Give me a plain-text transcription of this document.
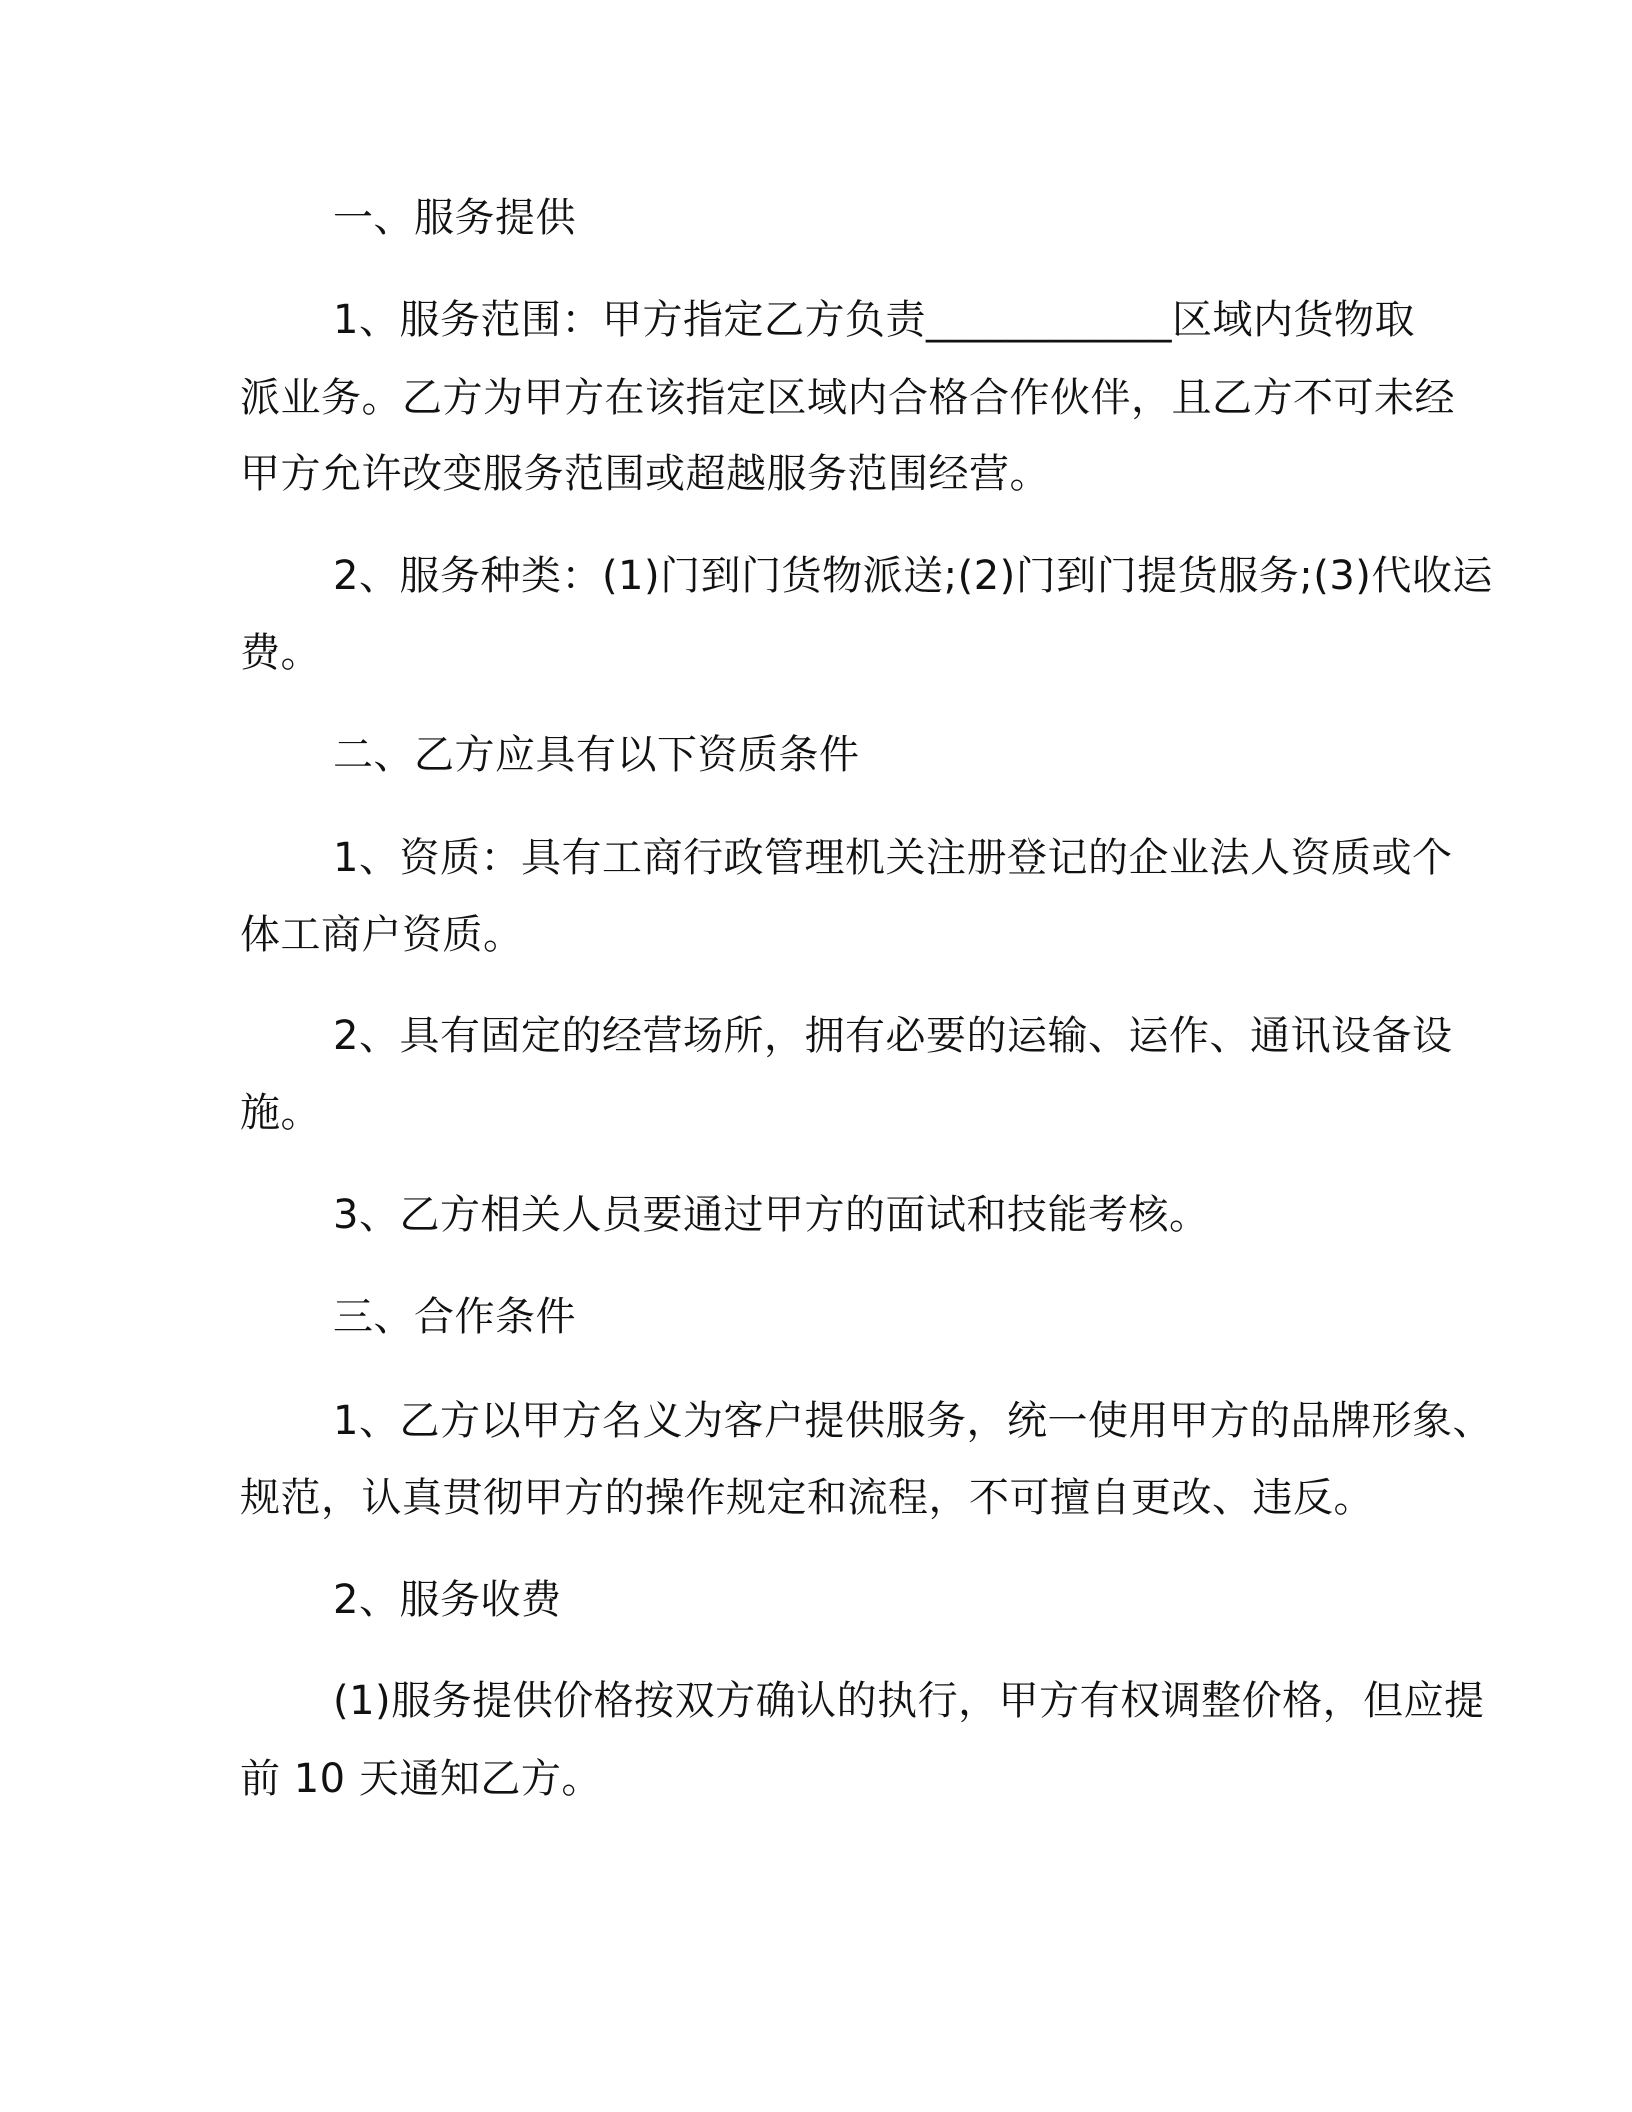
一、服务提供
1、服务范围：甲方指定乙方负责____________区域内货物取
派业务。乙方为甲方在该指定区域内合格合作伙伴，且乙方不可未经
甲方允许改变服务范围或超越服务范围经营。
2、服务种类：(1)门到门货物派送;(2)门到门提货服务;(3)代收运
费。
二、乙方应具有以下资质条件
1、资质：具有工商行政管理机关注册登记的企业法人资质或个
体工商户资质。
2、具有固定的经营场所，拥有必要的运输、运作、通讯设备设
施。
3、乙方相关人员要通过甲方的面试和技能考核。
三、合作条件
1、乙方以甲方名义为客户提供服务，统一使用甲方的品牌形象、
规范，认真贯彻甲方的操作规定和流程，不可擅自更改、违反。
2、服务收费
(1)服务提供价格按双方确认的执行，甲方有权调整价格，但应提
前 10 天通知乙方。
